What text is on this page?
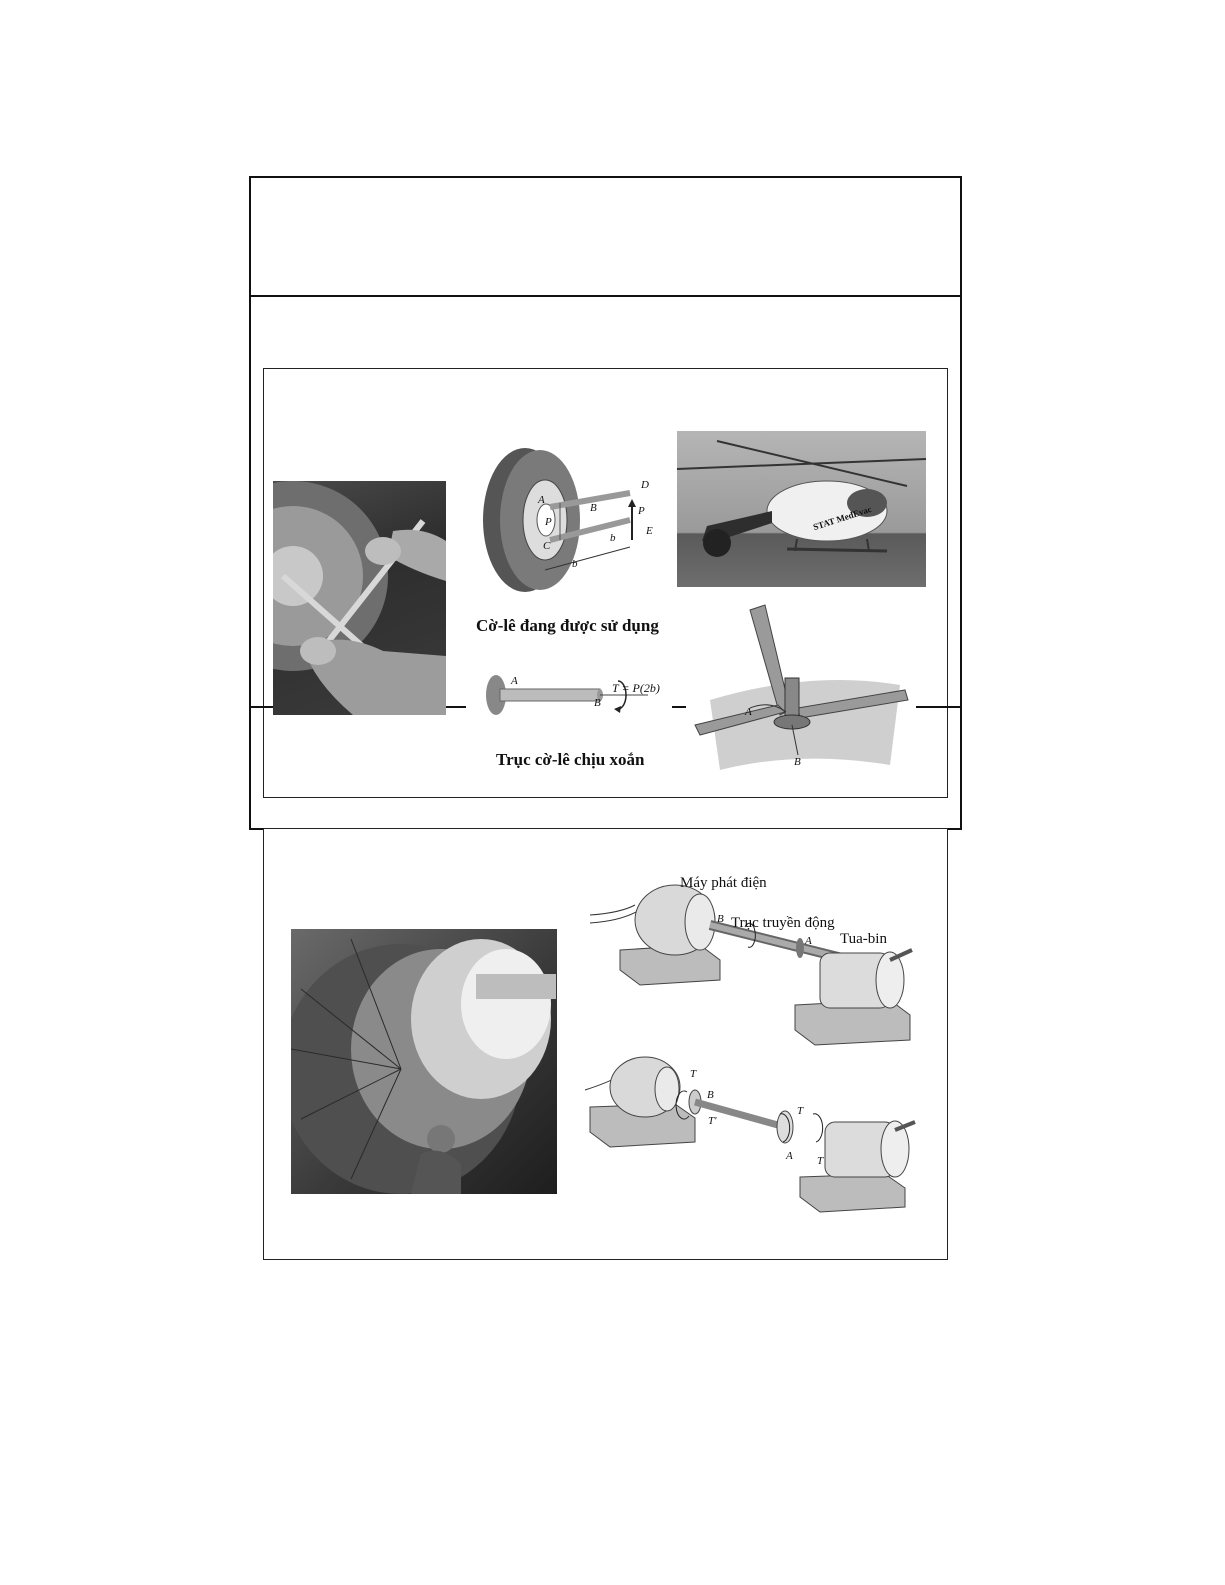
A
B
C
D
E
P
P
b
b
Cờ-lê đang được sử dụng
STAT MedEvac
A
B
T = P(2b)
Trục cờ-lê chịu xoắn
A
B
Máy phát điện
Trục truyền động
Tua-bin
A
B
T
B
T'
T
A T
